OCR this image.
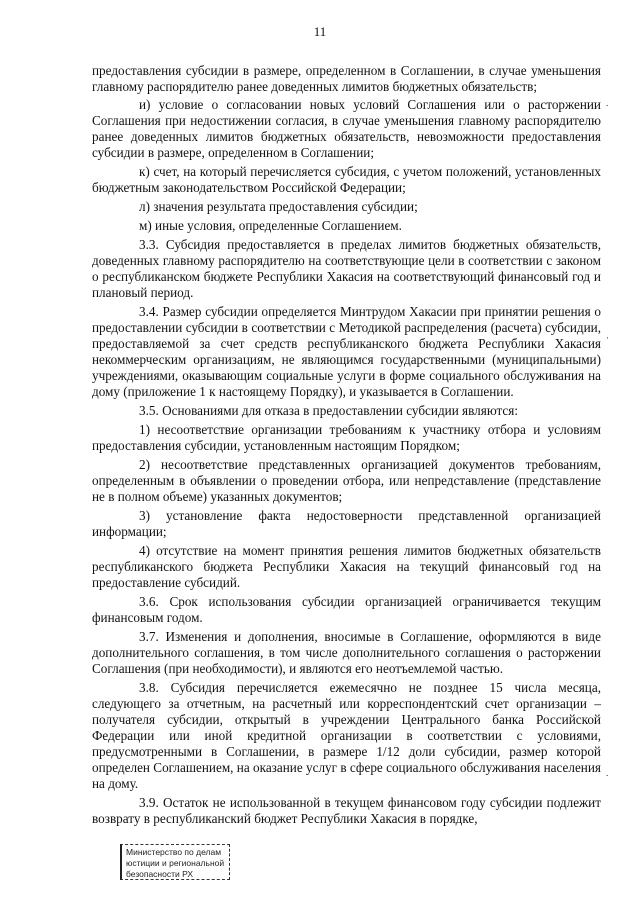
11

предоставления субсидии в размере, определенном в Соглашении, в случае уменьшения главному распорядителю ранее доведенных лимитов бюджетных обязательств;

и) условие о согласовании новых условий Соглашения или о расторжении Соглашения при недостижении согласия, в случае уменьшения главному распорядителю ранее доведенных лимитов бюджетных обязательств, невозможности предоставления субсидии в размере, определенном в Соглашении;

к) счет, на который перечисляется субсидия, с учетом положений, установленных бюджетным законодательством Российской Федерации;

л) значения результата предоставления субсидии;

м) иные условия, определенные Соглашением.

3.3. Субсидия предоставляется в пределах лимитов бюджетных обязательств, доведенных главному распорядителю на соответствующие цели в соответствии с законом о республиканском бюджете Республики Хакасия на соответствующий финансовый год и плановый период.

3.4. Размер субсидии определяется Минтрудом Хакасии при принятии решения о предоставлении субсидии в соответствии с Методикой распределения (расчета) субсидии, предоставляемой за счет средств республиканского бюджета Республики Хакасия некоммерческим организациям, не являющимся государственными (муниципальными) учреждениями, оказывающим социальные услуги в форме социального обслуживания на дому (приложение 1 к настоящему Порядку), и указывается в Соглашении.

3.5. Основаниями для отказа в предоставлении субсидии являются:

1) несоответствие организации требованиям к участнику отбора и условиям предоставления субсидии, установленным настоящим Порядком;

2) несоответствие представленных организацией документов требованиям, определенным в объявлении о проведении отбора, или непредставление (представление не в полном объеме) указанных документов;

3) установление факта недостоверности представленной организацией информации;

4) отсутствие на момент принятия решения лимитов бюджетных обязательств республиканского бюджета Республики Хакасия на текущий финансовый год на предоставление субсидий.

3.6. Срок использования субсидии организацией ограничивается текущим финансовым годом.

3.7. Изменения и дополнения, вносимые в Соглашение, оформляются в виде дополнительного соглашения, в том числе дополнительного соглашения о расторжении Соглашения (при необходимости), и являются его неотъемлемой частью.

3.8. Субсидия перечисляется ежемесячно не позднее 15 числа месяца, следующего за отчетным, на расчетный или корреспондентский счет организации – получателя субсидии, открытый в учреждении Центрального банка Российской Федерации или иной кредитной организации в соответствии с условиями, предусмотренными в Соглашении, в размере 1/12 доли субсидии, размер которой определен Соглашением, на оказание услуг в сфере социального обслуживания населения на дому.

3.9. Остаток не использованной в текущем финансовом году субсидии подлежит возврату в республиканский бюджет Республики Хакасия в порядке,

.
·
.
Министерство по делам
юстиции и региональной
безопасности РХ
